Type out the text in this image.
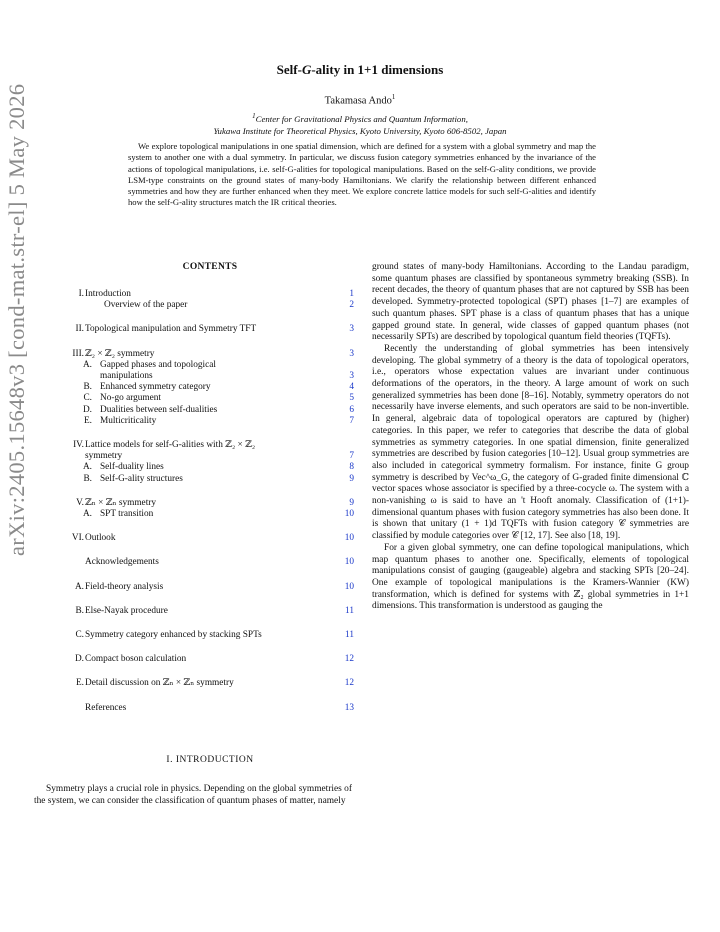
arXiv:2405.15648v3 [cond-mat.str-el] 5 May 2026
Self-G-ality in 1+1 dimensions
Takamasa Ando$^1$
$^1$Center for Gravitational Physics and Quantum Information,
Yukawa Institute for Theoretical Physics, Kyoto University, Kyoto 606-8502, Japan
We explore topological manipulations in one spatial dimension, which are defined for a system with a global symmetry and map the system to another one with a dual symmetry. In particular, we discuss fusion category symmetries enhanced by the invariance of the actions of topological manipulations, i.e. self-G-alities for topological manipulations. Based on the self-G-ality conditions, we provide LSM-type constraints on the ground states of many-body Hamiltonians. We clarify the relationship between different enhanced symmetries and how they are further enhanced when they meet. We explore concrete lattice models for such self-G-alities and identify how the self-G-ality structures match the IR critical theories.
CONTENTS
I. Introduction	1
Overview of the paper	2
II. Topological manipulation and Symmetry TFT	3
III. ℤ₂ × ℤ₂ symmetry	3
A. Gapped phases and topological
manipulations	3
B. Enhanced symmetry category	4
C. No-go argument	5
D. Dualities between self-dualities	6
E. Multicriticality	7
IV. Lattice models for self-G-alities with ℤ₂ × ℤ₂
symmetry	7
A. Self-duality lines	8
B. Self-G-ality structures	9
V. ℤₙ × ℤₙ symmetry	9
A. SPT transition	10
VI. Outlook	10
Acknowledgements	10
A. Field-theory analysis	10
B. Else-Nayak procedure	11
C. Symmetry category enhanced by stacking SPTs	11
D. Compact boson calculation	12
E. Detail discussion on ℤₙ × ℤₙ symmetry	12
References	13
I. INTRODUCTION
Symmetry plays a crucial role in physics. Depending on the global symmetries of the system, we can consider the classification of quantum phases of matter, namely

ground states of many-body Hamiltonians. According to the Landau paradigm, some quantum phases are classified by spontaneous symmetry breaking (SSB). In recent decades, the theory of quantum phases that are not captured by SSB has been developed. Symmetry-protected topological (SPT) phases [1–7] are examples of such quantum phases. SPT phase is a class of quantum phases that has a unique gapped ground state. In general, wide classes of gapped quantum phases (not necessarily SPTs) are described by topological quantum field theories (TQFTs).

Recently the understanding of global symmetries has been intensively developing. The global symmetry of a theory is the data of topological operators, i.e., operators whose expectation values are invariant under continuous deformations of the operators, in the theory. A large amount of work on such generalized symmetries has been done [8–16]. Notably, symmetry operators do not necessarily have inverse elements, and such operators are said to be non-invertible. In general, algebraic data of topological operators are captured by (higher) categories. In this paper, we refer to categories that describe the data of global symmetries as symmetry categories. In one spatial dimension, finite generalized symmetries are described by fusion categories [10–12]. Usual group symmetries are also included in categorical symmetry formalism. For instance, finite G group symmetry is described by Vec^ω_G, the category of G-graded finite dimensional ℂ vector spaces whose associator is specified by a three-cocycle ω. The system with a non-vanishing ω is said to have an 't Hooft anomaly. Classification of (1+1)-dimensional quantum phases with fusion category symmetries has also been done. It is shown that unitary (1 + 1)d TQFTs with fusion category 𝒞 symmetries are classified by module categories over 𝒞 [12, 17]. See also [18, 19].

For a given global symmetry, one can define topological manipulations, which map quantum phases to another one. Specifically, elements of topological manipulations consist of gauging (gaugeable) algebra and stacking SPTs [20–24]. One example of topological manipulations is the Kramers-Wannier (KW) transformation, which is defined for systems with ℤ₂ global symmetries in 1+1 dimensions. This transformation is understood as gauging the
